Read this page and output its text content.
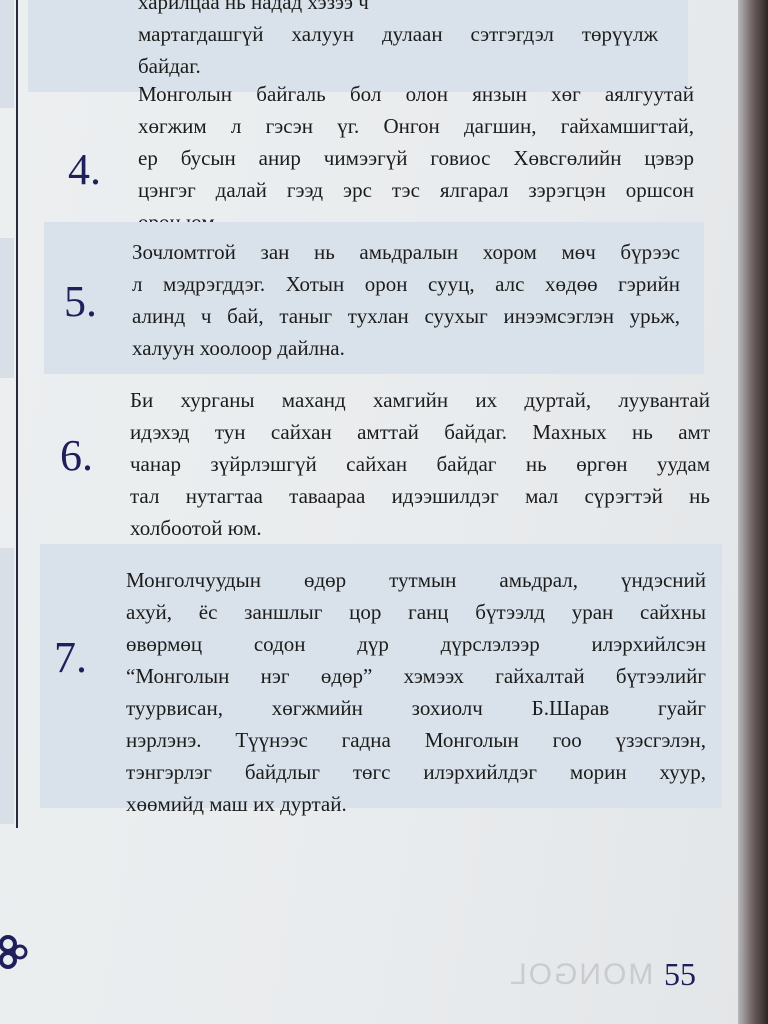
харилцаа нь надад хэзээ ч
мартагдашгүй халуун дулаан сэтгэгдэл төрүүлж
байдаг.

4.

Монголын байгаль бол олон янзын хөг аялгуутай
хөгжим л гэсэн үг. Онгон дагшин, гайхамшигтай,
ер бусын анир чимээгүй говиос Хөвсгөлийн цэвэр
цэнгэг далай гээд эрс тэс ялгарал зэрэгцэн оршсон

5.

Зочломтгой зан нь амьдралын хором мөч бүрээс
л мэдрэгддэг. Хотын орон сууц, алс хөдөө гэрийн
алинд ч бай, таныг тухлан суухыг инээмсэглэн урьж,
халуун хоолоор дайлна.

6.

Би хурганы маханд хамгийн их дуртай, луувантай
идэхэд тун сайхан амттай байдаг. Махных нь амт
чанар зүйрлэшгүй сайхан байдаг нь өргөн уудам
тал нутагтаа таваараа идээшилдэг мал сүрэгтэй нь
холбоотой юм.

7.

Монголчуудын өдөр тутмын амьдрал, үндэсний
ахуй, ёс заншлыг цор ганц бүтээлд уран сайхны
өвөрмөц содон дүр дүрслэлээр илэрхийлсэн
“Монголын нэг өдөр” хэмээх гайхалтай бүтээлийг
туурвисан, хөгжмийн зохиолч Б.Шарав гуайг
нэрлэнэ. Түүнээс гадна Монголын гоо үзэсгэлэн,
тэнгэрлэг байдлыг төгс илэрхийлдэг морин хуур,
хөөмийд маш их дуртай.

MONGOL 55
